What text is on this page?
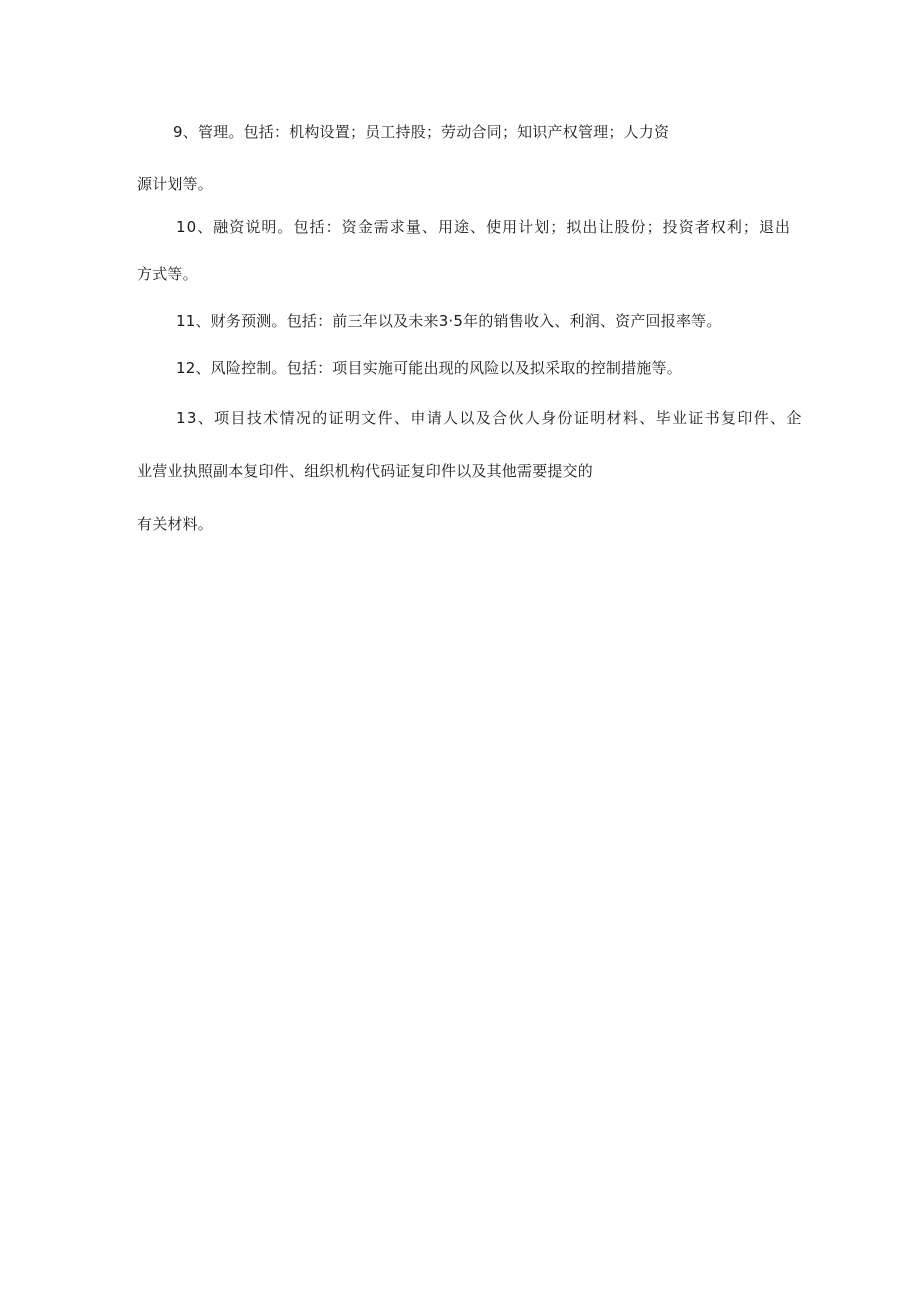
9、管理。包括：机构设置；员工持股；劳动合同；知识产权管理；人力资
源计划等。
10、融资说明。包括：资金需求量、用途、使用计划；拟出让股份；投资者权利；退出
方式等。
11、财务预测。包括：前三年以及未来3·5年的销售收入、利润、资产回报率等。
12、风险控制。包括：项目实施可能出现的风险以及拟采取的控制措施等。
13、项目技术情况的证明文件、申请人以及合伙人身份证明材料、毕业证书复印件、企
业营业执照副本复印件、组织机构代码证复印件以及其他需要提交的
有关材料。
